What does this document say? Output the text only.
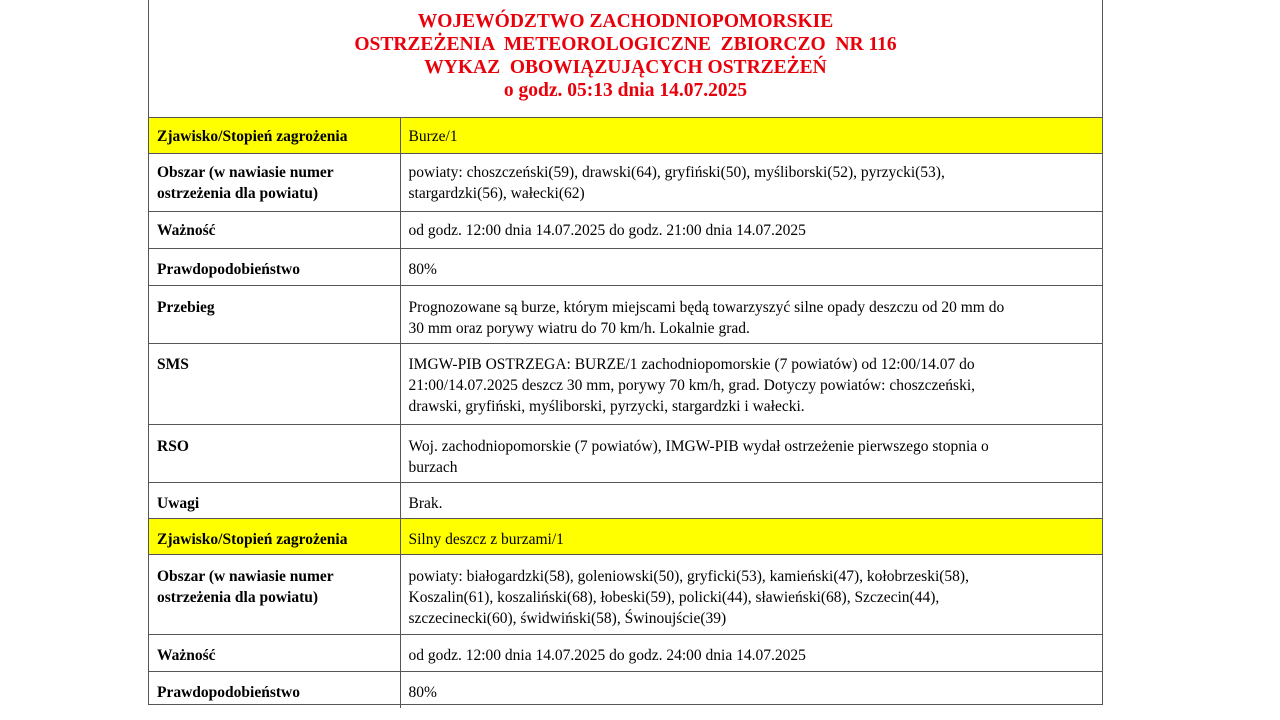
WOJEWÓDZTWO ZACHODNIOPOMORSKIE
OSTRZEŻENIA  METEOROLOGICZNE  ZBIORCZO  NR 116
WYKAZ  OBOWIĄZUJĄCYCH OSTRZEŻEŃ
o godz. 05:13 dnia 14.07.2025
Zjawisko/Stopień zagrożenia	Burze/1
Obszar (w nawiasie numer
ostrzeżenia dla powiatu)	powiaty: choszczeński(59), drawski(64), gryfiński(50), myśliborski(52), pyrzycki(53),
stargardzki(56), wałecki(62)
Ważność	od godz. 12:00 dnia 14.07.2025 do godz. 21:00 dnia 14.07.2025
Prawdopodobieństwo	80%
Przebieg	Prognozowane są burze, którym miejscami będą towarzyszyć silne opady deszczu od 20 mm do
30 mm oraz porywy wiatru do 70 km/h. Lokalnie grad.
SMS	IMGW-PIB OSTRZEGA: BURZE/1 zachodniopomorskie (7 powiatów) od 12:00/14.07 do
21:00/14.07.2025 deszcz 30 mm, porywy 70 km/h, grad. Dotyczy powiatów: choszczeński,
drawski, gryfiński, myśliborski, pyrzycki, stargardzki i wałecki.
RSO	Woj. zachodniopomorskie (7 powiatów), IMGW-PIB wydał ostrzeżenie pierwszego stopnia o
burzach
Uwagi	Brak.
Zjawisko/Stopień zagrożenia	Silny deszcz z burzami/1
Obszar (w nawiasie numer
ostrzeżenia dla powiatu)	powiaty: białogardzki(58), goleniowski(50), gryficki(53), kamieński(47), kołobrzeski(58),
Koszalin(61), koszaliński(68), łobeski(59), policki(44), sławieński(68), Szczecin(44),
szczecinecki(60), świdwiński(58), Świnoujście(39)
Ważność	od godz. 12:00 dnia 14.07.2025 do godz. 24:00 dnia 14.07.2025
Prawdopodobieństwo	80%
